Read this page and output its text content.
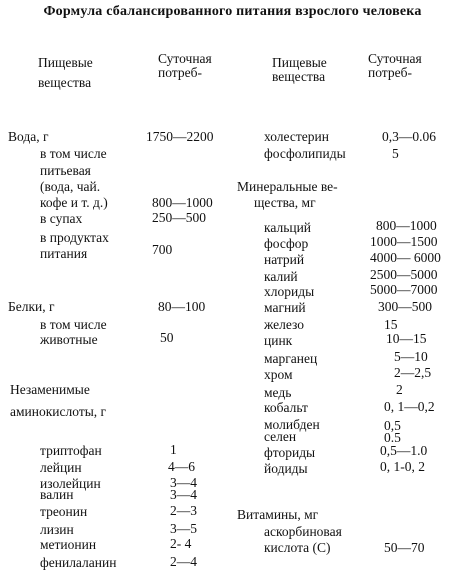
Формула сбалансированного питания взрослого человека
Пищевые
вещества
Суточная
потреб-
Пищевые
вещества
Суточная
потреб-
Вода, г	1750—2200
в том числе
питьевая
(вода, чай.
кофе и т. д.)	800—1000
в супах	250—500
в продуктах
питания	700
Белки, г	80—100
в том числе
животные	50
Незаменимые
аминокислоты, г
триптофан	1
лейцин	4—6
изолейцин	3—4
валин	3—4
треонин	2—3
лизин	3—5
метионин	2- 4
фенилаланин	2—4
холестерин	0,3—0.06
фосфолипиды	5
Минеральные ве-
щества, мг
кальций	800—1000
фосфор	1000—1500
натрий	4000— 6000
калий	2500—5000
хлориды	5000—7000
магний	300—500
железо	15
цинк	10—15
марганец	5—10
хром	2—2,5
медь	2
кобальт	0, 1—0,2
молибден	0,5
селен	0.5
фториды	0,5—1.0
йодиды	0, 1-0, 2
Витамины, мг
аскорбиновая
кислота (С)	50—70
